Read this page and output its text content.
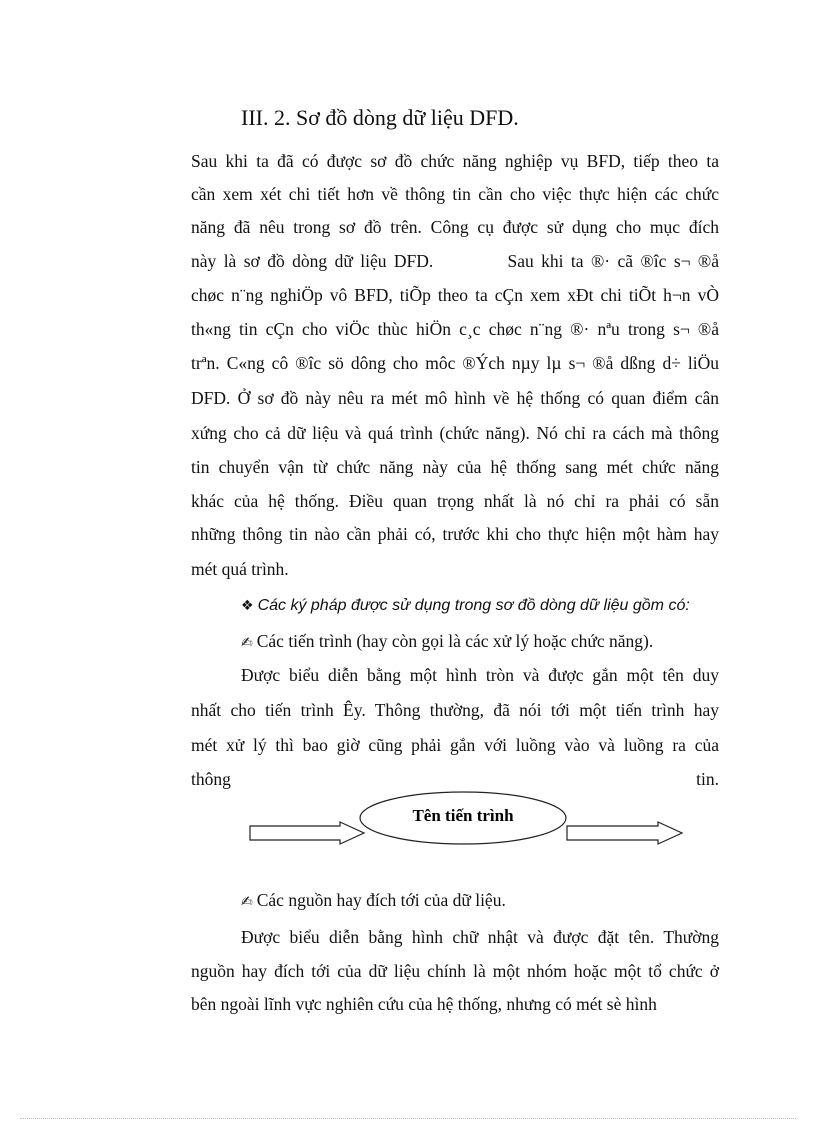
III. 2. Sơ đồ dòng dữ liệu DFD.
Sau khi ta đã có được sơ đồ chức năng nghiệp vụ BFD, tiếp theo ta
cần xem xét chi tiết hơn về thông tin cần cho việc thực hiện các chức
năng đã nêu trong sơ đồ trên. Công cụ được sử dụng cho mục đích
này là sơ đồ dòng dữ liệu DFD.          Sau khi ta ®· cã ®îc s¬ ®å
chøc n¨ng nghiÖp vô BFD, tiÕp theo ta cÇn xem xÐt chi tiÕt h¬n vÒ
th«ng tin cÇn cho viÖc thùc hiÖn c¸c chøc n¨ng ®· nªu trong s¬ ®å
trªn. C«ng cô ®îc sö dông cho môc ®Ých nµy lµ s¬ ®å dßng d÷ liÖu
DFD. Ở sơ đồ này nêu ra mét mô hình về hệ thống có quan điểm cân
xứng cho cả dữ liệu và quá trình (chức năng). Nó chỉ ra cách mà thông
tin chuyển vận từ chức năng này của hệ thống sang mét chức năng
khác của hệ thống. Điều quan trọng nhất là nó chỉ ra phải có sẵn
những thông tin nào cần phải có, trước khi cho thực hiện một hàm hay
mét quá trình.
❖ Các ký pháp được sử dụng trong sơ đồ dòng dữ liệu gồm có:
✍ Các tiến trình (hay còn gọi là các xử lý hoặc chức năng).
Được biểu diễn bằng một hình tròn và được gắn một tên duy
nhất cho tiến trình Êy. Thông thường, đã nói tới một tiến trình hay
mét xử lý thì bao giờ cũng phải gắn với luồng vào và luồng ra của
thông	tin.
Tên tiến trình
✍ Các nguồn hay đích tới của dữ liệu.
Được biểu diễn bằng hình chữ nhật và được đặt tên. Thường
nguồn hay đích tới của dữ liệu chính là một nhóm hoặc một tổ chức ở
bên ngoài lĩnh vực nghiên cứu của hệ thống, nhưng có mét sè hình
